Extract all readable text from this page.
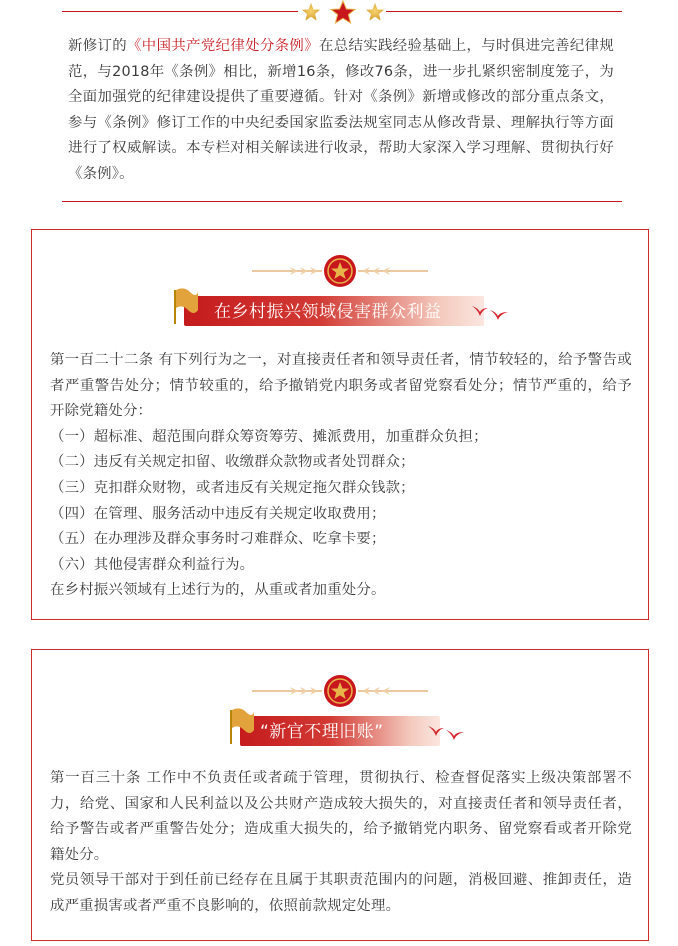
新修订的《中国共产党纪律处分条例》在总结实践经验基础上，与时俱进完善纪律规范，与2018年《条例》相比，新增16条，修改76条，进一步扎紧织密制度笼子，为全面加强党的纪律建设提供了重要遵循。针对《条例》新增或修改的部分重点条文，参与《条例》修订工作的中央纪委国家监委法规室同志从修改背景、理解执行等方面进行了权威解读。本专栏对相关解读进行收录，帮助大家深入学习理解、贯彻执行好《条例》。
在乡村振兴领域侵害群众利益

第一百二十二条 有下列行为之一，对直接责任者和领导责任者，情节较轻的，给予警告或者严重警告处分；情节较重的，给予撤销党内职务或者留党察看处分；情节严重的，给予开除党籍处分：

（一）超标准、超范围向群众筹资筹劳、摊派费用，加重群众负担；

（二）违反有关规定扣留、收缴群众款物或者处罚群众；

（三）克扣群众财物，或者违反有关规定拖欠群众钱款；

（四）在管理、服务活动中违反有关规定收取费用；

（五）在办理涉及群众事务时刁难群众、吃拿卡要；

（六）其他侵害群众利益行为。

在乡村振兴领域有上述行为的，从重或者加重处分。

“新官不理旧账”

第一百三十条 工作中不负责任或者疏于管理，贯彻执行、检查督促落实上级决策部署不力，给党、国家和人民利益以及公共财产造成较大损失的，对直接责任者和领导责任者，给予警告或者严重警告处分；造成重大损失的，给予撤销党内职务、留党察看或者开除党籍处分。

党员领导干部对于到任前已经存在且属于其职责范围内的问题，消极回避、推卸责任，造成严重损害或者严重不良影响的，依照前款规定处理。
